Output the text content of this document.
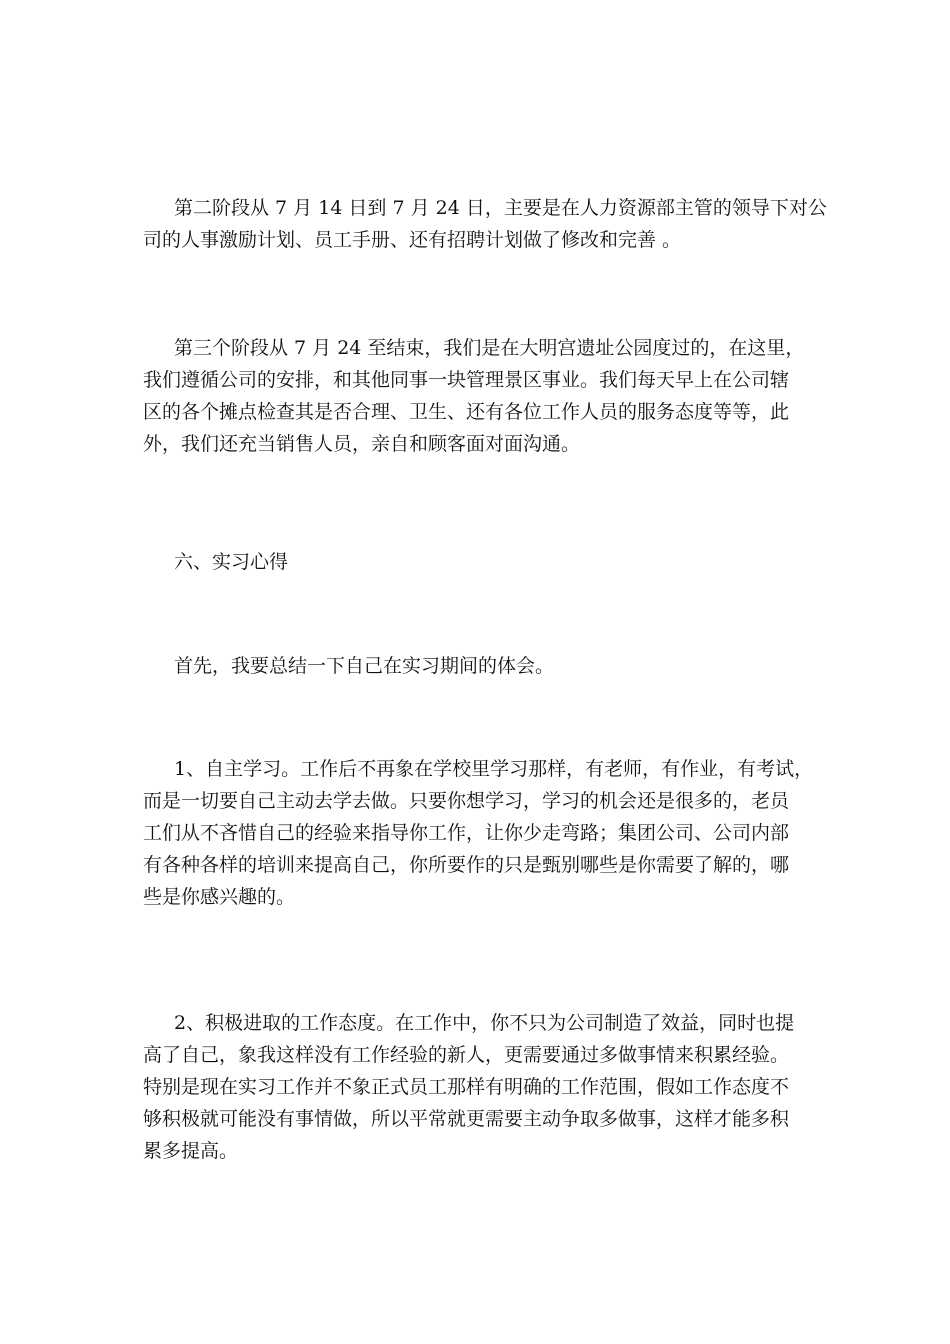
第二阶段从 7 月 14 日到 7 月 24 日，主要是在人力资源部主管的领导下对公
司的人事激励计划、员工手册、还有招聘计划做了修改和完善 。

第三个阶段从 7 月 24 至结束，我们是在大明宫遗址公园度过的，在这里，
我们遵循公司的安排，和其他同事一块管理景区事业。我们每天早上在公司辖
区的各个摊点检查其是否合理、卫生、还有各位工作人员的服务态度等等，此
外，我们还充当销售人员，亲自和顾客面对面沟通。

六、实习心得

首先，我要总结一下自己在实习期间的体会。

1、自主学习。工作后不再象在学校里学习那样，有老师，有作业，有考试，
而是一切要自己主动去学去做。只要你想学习，学习的机会还是很多的，老员
工们从不吝惜自己的经验来指导你工作，让你少走弯路；集团公司、公司内部
有各种各样的培训来提高自己，你所要作的只是甄别哪些是你需要了解的，哪
些是你感兴趣的。

2、积极进取的工作态度。在工作中，你不只为公司制造了效益，同时也提
高了自己，象我这样没有工作经验的新人，更需要通过多做事情来积累经验。
特别是现在实习工作并不象正式员工那样有明确的工作范围，假如工作态度不
够积极就可能没有事情做，所以平常就更需要主动争取多做事，这样才能多积
累多提高。
